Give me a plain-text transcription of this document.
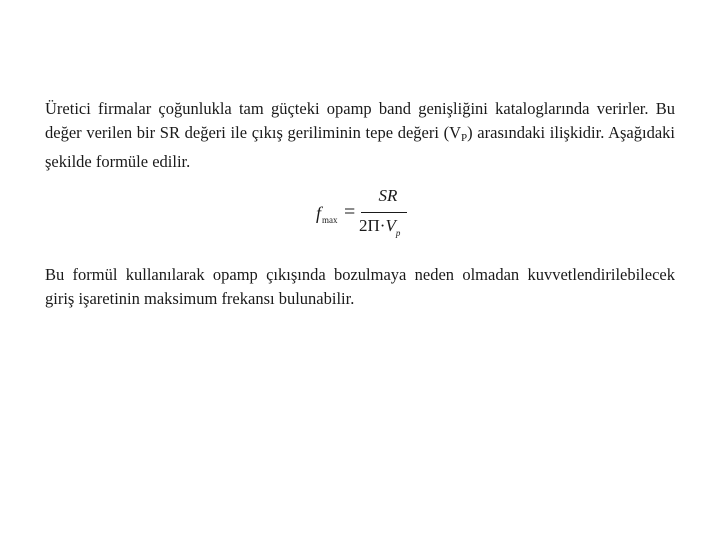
Üretici firmalar çoğunlukla tam güçteki opamp band genişliğini kataloglarında verirler. Bu değer verilen bir SR değeri ile çıkış geriliminin tepe değeri $(V_P)$ arasındaki ilişkidir. Aşağıdaki şekilde formüle edilir.

$f_{max}$ =
SR
$2\Pi\cdot V_p$

Bu formül kullanılarak opamp çıkışında bozulmaya neden olmadan kuvvetlendirilebilecek giriş işaretinin maksimum frekansı bulunabilir.
